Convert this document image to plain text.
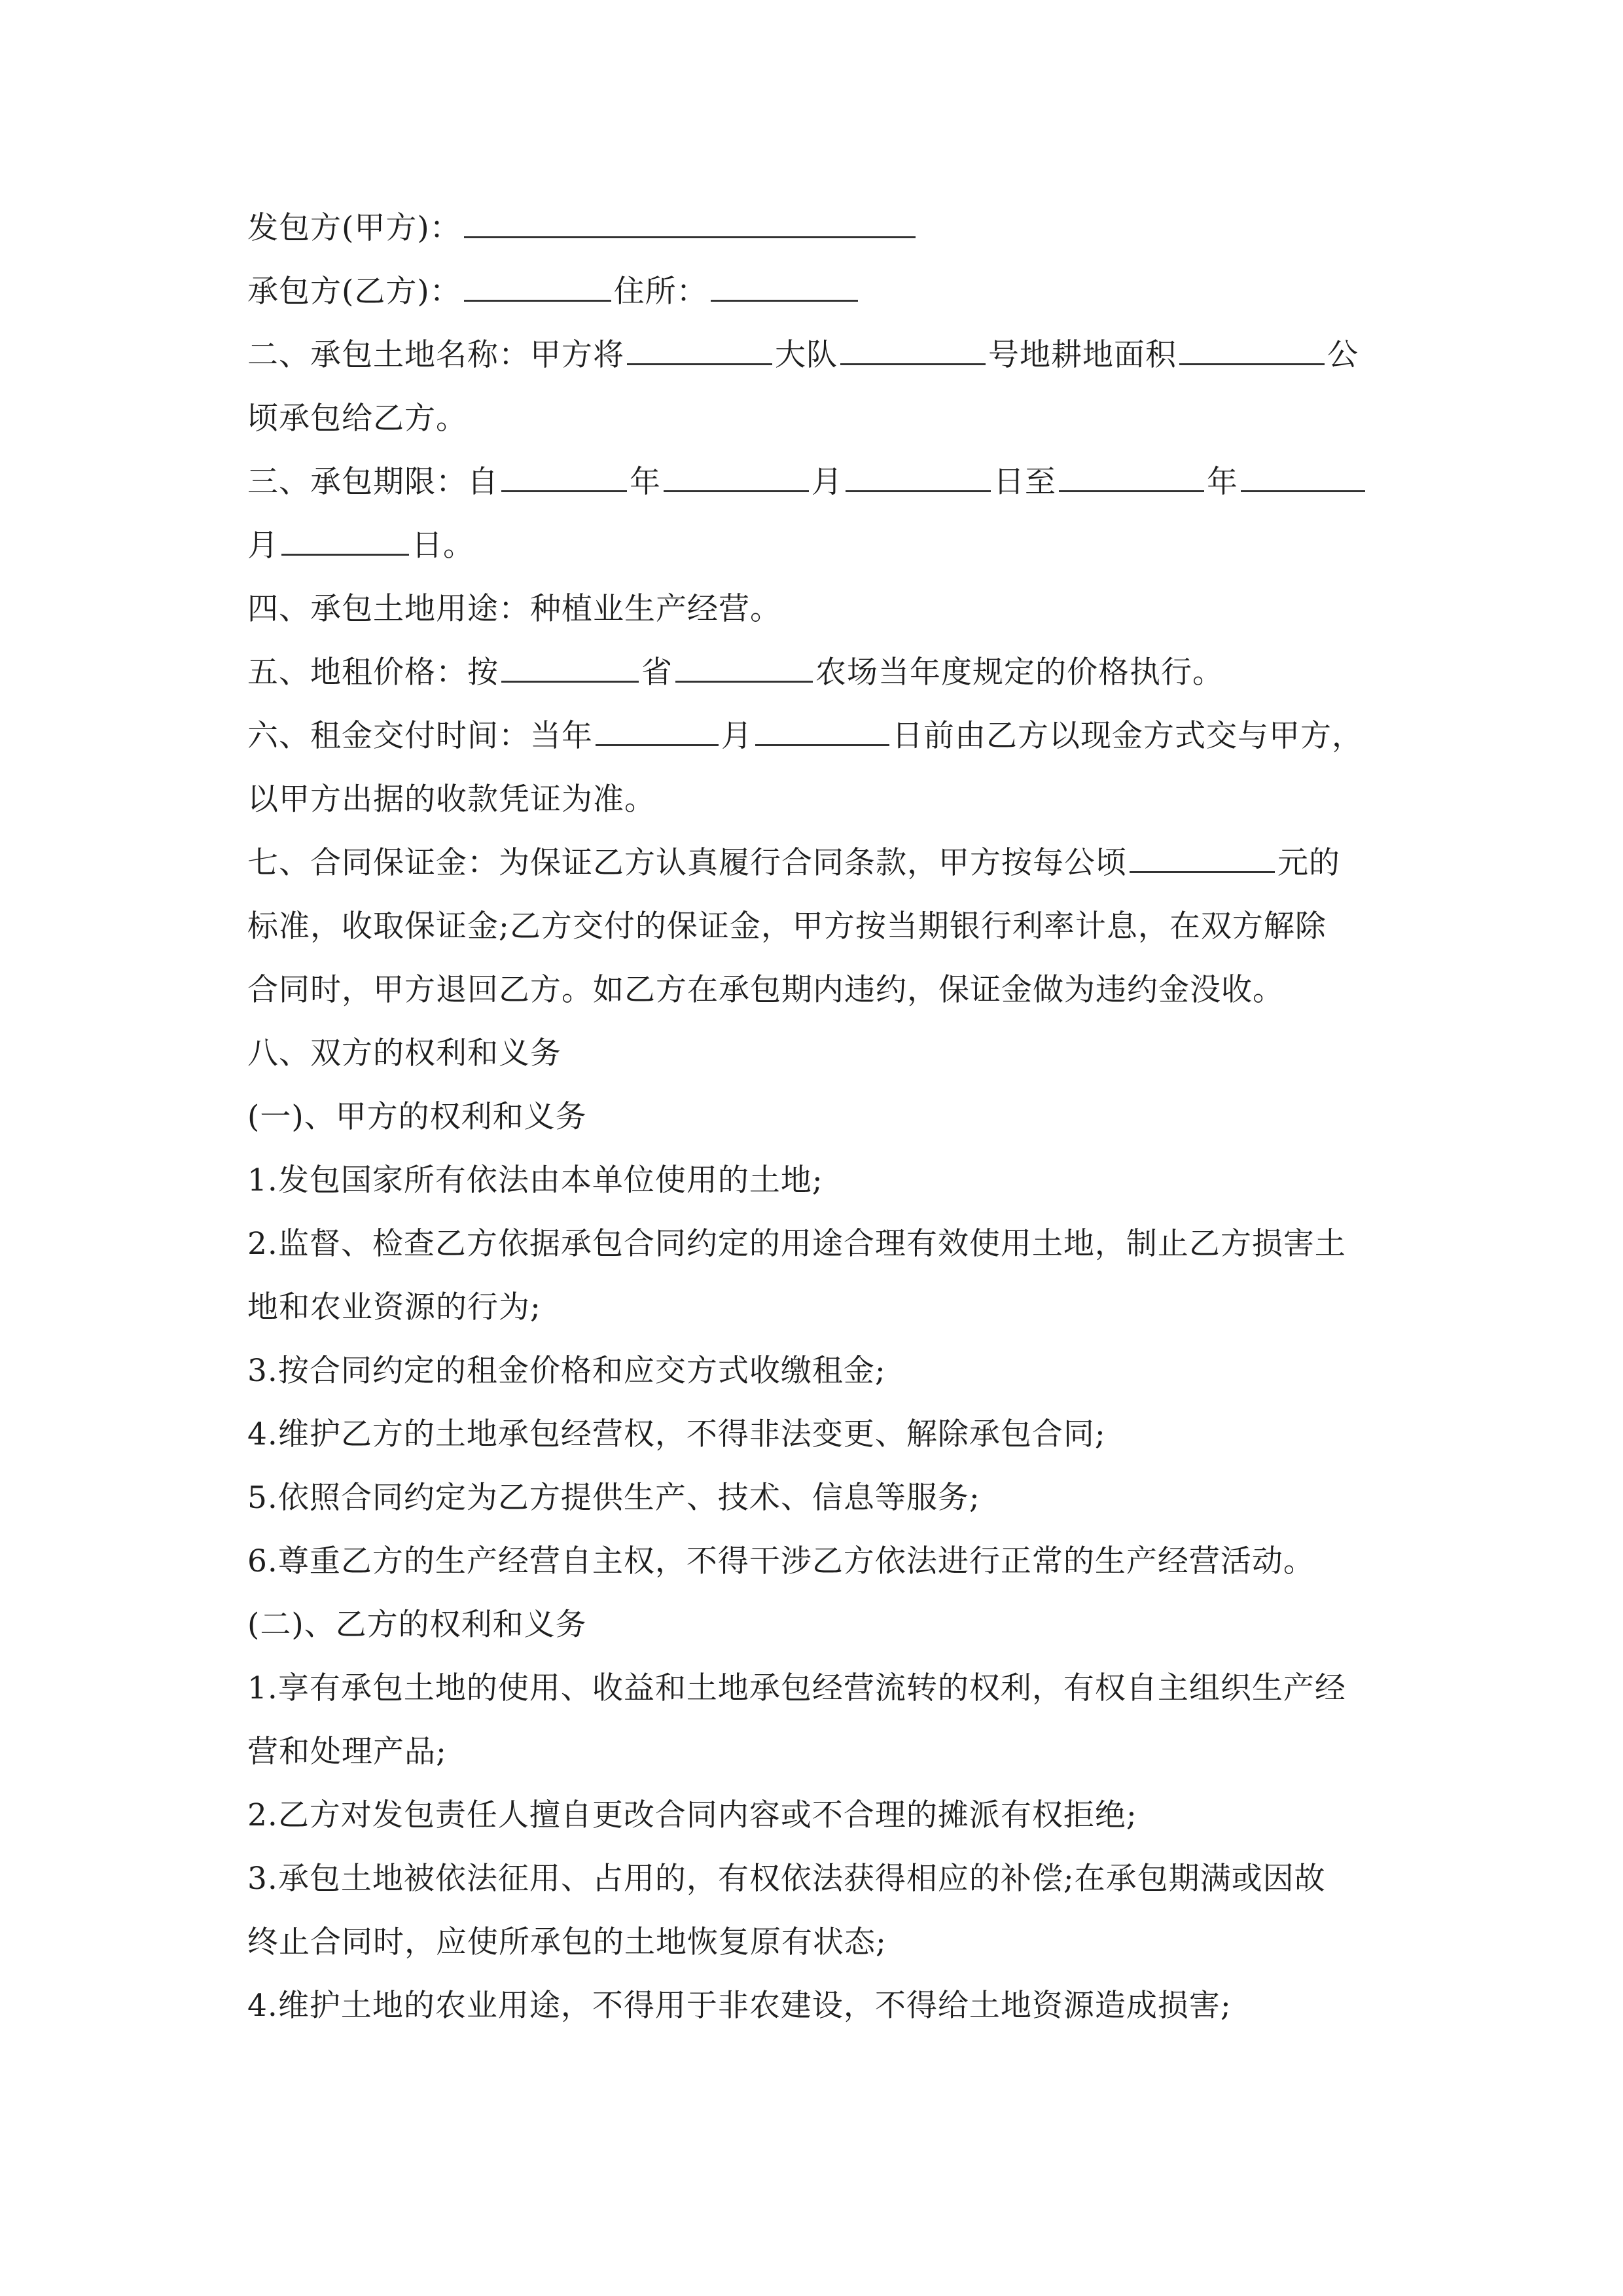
发包方(甲方)：
承包方(乙方)：	住所：
二、承包土地名称：甲方将	大队	号地耕地面积	公
顷承包给乙方。
三、承包期限：自	年	月	日至	年
月	日。
四、承包土地用途：种植业生产经营。
五、地租价格：按	省	农场当年度规定的价格执行。
六、租金交付时间：当年	月	日前由乙方以现金方式交与甲方，
以甲方出据的收款凭证为准。
七、合同保证金：为保证乙方认真履行合同条款，甲方按每公顷	元的
标准，收取保证金;乙方交付的保证金，甲方按当期银行利率计息，在双方解除
合同时，甲方退回乙方。如乙方在承包期内违约，保证金做为违约金没收。
八、双方的权利和义务
(一)、甲方的权利和义务
1.发包国家所有依法由本单位使用的土地;
2.监督、检查乙方依据承包合同约定的用途合理有效使用土地，制止乙方损害土
地和农业资源的行为;
3.按合同约定的租金价格和应交方式收缴租金;
4.维护乙方的土地承包经营权，不得非法变更、解除承包合同;
5.依照合同约定为乙方提供生产、技术、信息等服务;
6.尊重乙方的生产经营自主权，不得干涉乙方依法进行正常的生产经营活动。
(二)、乙方的权利和义务
1.享有承包土地的使用、收益和土地承包经营流转的权利，有权自主组织生产经
营和处理产品;
2.乙方对发包责任人擅自更改合同内容或不合理的摊派有权拒绝;
3.承包土地被依法征用、占用的，有权依法获得相应的补偿;在承包期满或因故
终止合同时，应使所承包的土地恢复原有状态;
4.维护土地的农业用途，不得用于非农建设，不得给土地资源造成损害;
